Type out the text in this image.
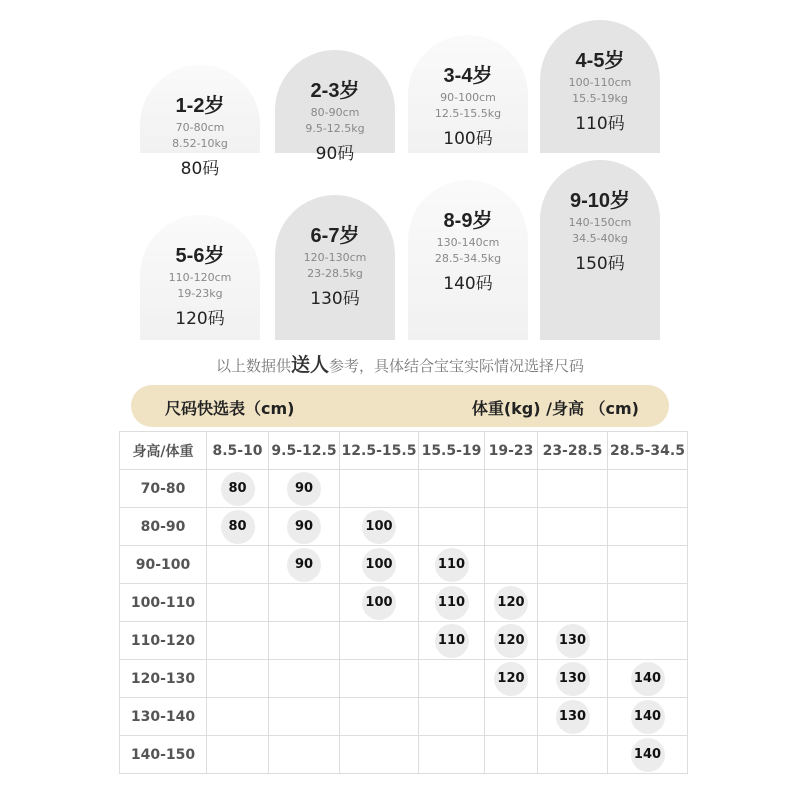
1-2岁
70-80cm
8.52-10kg
80码
2-3岁
80-90cm
9.5-12.5kg
90码
3-4岁
90-100cm
12.5-15.5kg
100码
4-5岁
100-110cm
15.5-19kg
110码
5-6岁
110-120cm
19-23kg
120码
6-7岁
120-130cm
23-28.5kg
130码
8-9岁
130-140cm
28.5-34.5kg
140码
9-10岁
140-150cm
34.5-40kg
150码
以上数据供送人参考，具体结合宝宝实际情况选择尺码
尺码快选表（cm)	体重(kg) /身高 （cm)
身高/体重	8.5-10	9.5-12.5	12.5-15.5	15.5-19	19-23	23-28.5	28.5-34.5
70-80	80	90					
80-90	80	90	100				
90-100		90	100	110			
100-110			100	110	120		
110-120				110	120	130	
120-130					120	130	140
130-140						130	140
140-150							140
